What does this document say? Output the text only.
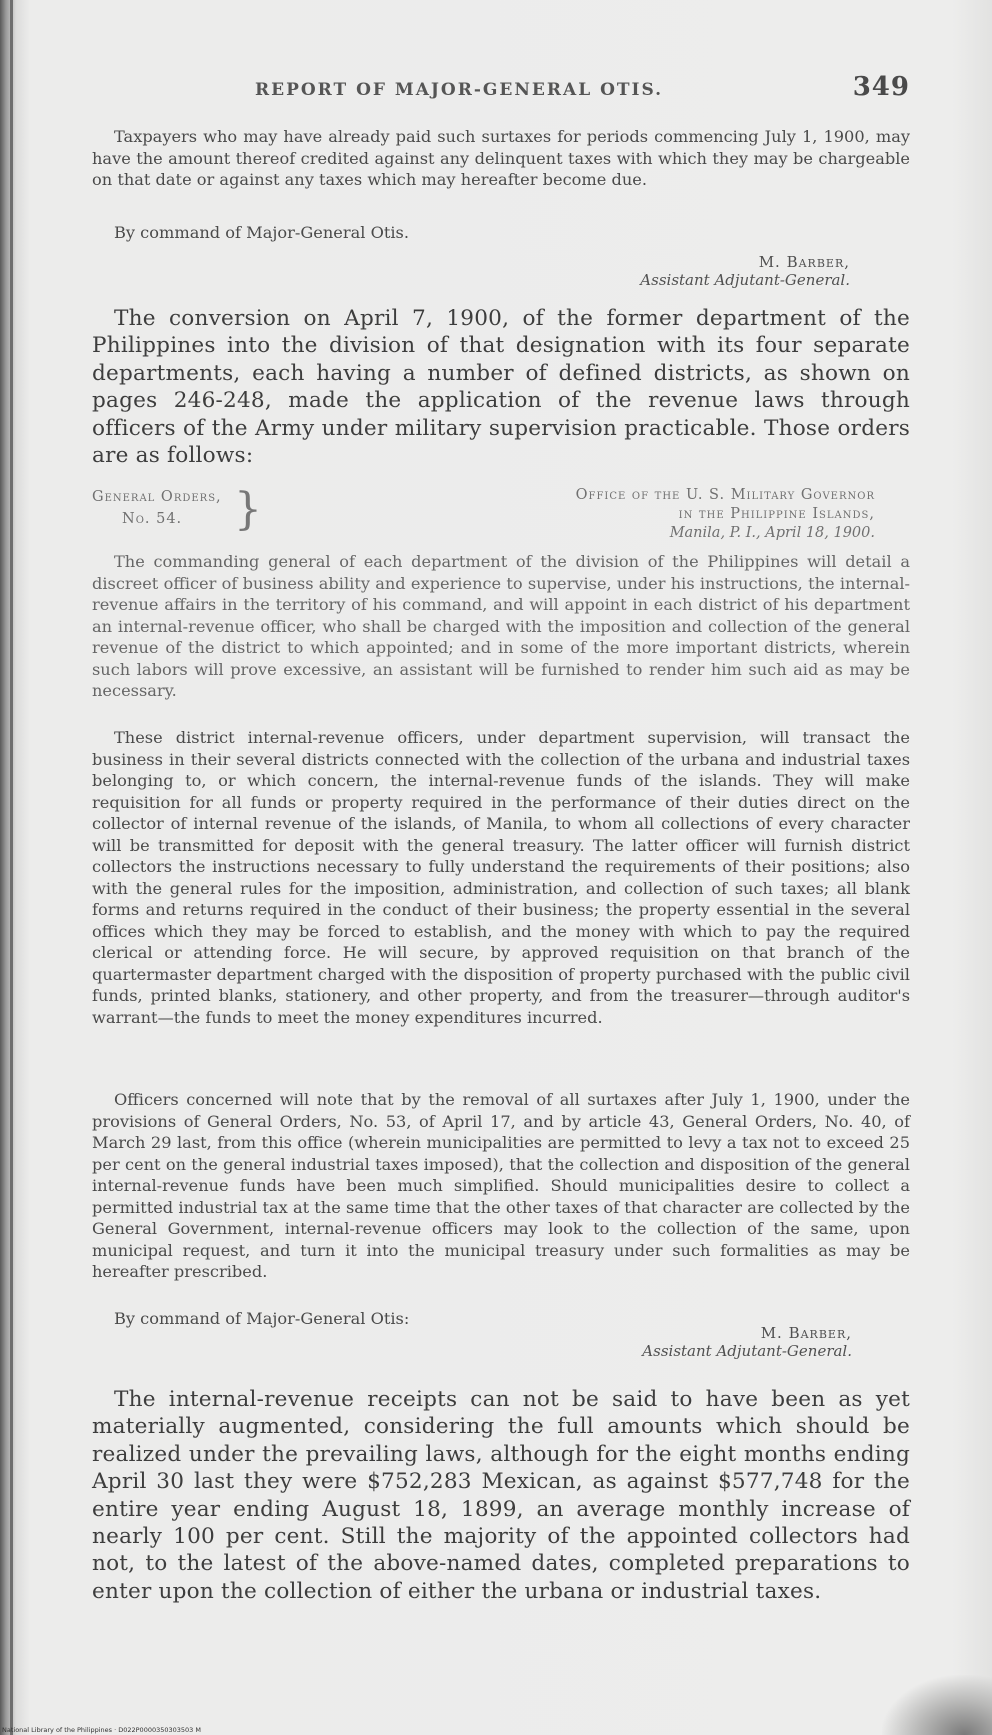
REPORT OF MAJOR-GENERAL OTIS.	349

Taxpayers who may have already paid such surtaxes for periods commencing July 1, 1900, may have the amount thereof credited against any delinquent taxes with which they may be chargeable on that date or against any taxes which may hereafter become due.

By command of Major-General Otis.

M. Barber,
Assistant Adjutant-General.

The conversion on April 7, 1900, of the former department of the Philippines into the division of that designation with its four separate departments, each having a number of defined districts, as shown on pages 246-248, made the application of the revenue laws through officers of the Army under military supervision practicable. Those orders are as follows:

General Orders,
No. 54.	}	Office of the U. S. Military Governor
in the Philippine Islands,
Manila, P. I., April 18, 1900.

The commanding general of each department of the division of the Philippines will detail a discreet officer of business ability and experience to supervise, under his instructions, the internal-revenue affairs in the territory of his command, and will appoint in each district of his department an internal-revenue officer, who shall be charged with the imposition and collection of the general revenue of the district to which appointed; and in some of the more important districts, wherein such labors will prove excessive, an assistant will be furnished to render him such aid as may be necessary.

These district internal-revenue officers, under department supervision, will transact the business in their several districts connected with the collection of the urbana and industrial taxes belonging to, or which concern, the internal-revenue funds of the islands. They will make requisition for all funds or property required in the performance of their duties direct on the collector of internal revenue of the islands, of Manila, to whom all collections of every character will be transmitted for deposit with the general treasury. The latter officer will furnish district collectors the instructions necessary to fully understand the requirements of their positions; also with the general rules for the imposition, administration, and collection of such taxes; all blank forms and returns required in the conduct of their business; the property essential in the several offices which they may be forced to establish, and the money with which to pay the required clerical or attending force. He will secure, by approved requisition on that branch of the quartermaster department charged with the disposition of property purchased with the public civil funds, printed blanks, stationery, and other property, and from the treasurer—through auditor's warrant—the funds to meet the money expenditures incurred.

Officers concerned will note that by the removal of all surtaxes after July 1, 1900, under the provisions of General Orders, No. 53, of April 17, and by article 43, General Orders, No. 40, of March 29 last, from this office (wherein municipalities are permitted to levy a tax not to exceed 25 per cent on the general industrial taxes imposed), that the collection and disposition of the general internal-revenue funds have been much simplified. Should municipalities desire to collect a permitted industrial tax at the same time that the other taxes of that character are collected by the General Government, internal-revenue officers may look to the collection of the same, upon municipal request, and turn it into the municipal treasury under such formalities as may be hereafter prescribed.

By command of Major-General Otis:

M. Barber,
Assistant Adjutant-General.

The internal-revenue receipts can not be said to have been as yet materially augmented, considering the full amounts which should be realized under the prevailing laws, although for the eight months ending April 30 last they were $752,283 Mexican, as against $577,748 for the entire year ending August 18, 1899, an average monthly increase of nearly 100 per cent. Still the majority of the appointed collectors had not, to the latest of the above-named dates, completed preparations to enter upon the collection of either the urbana or industrial taxes.

National Library of the Philippines · D022P0000350303503 M
